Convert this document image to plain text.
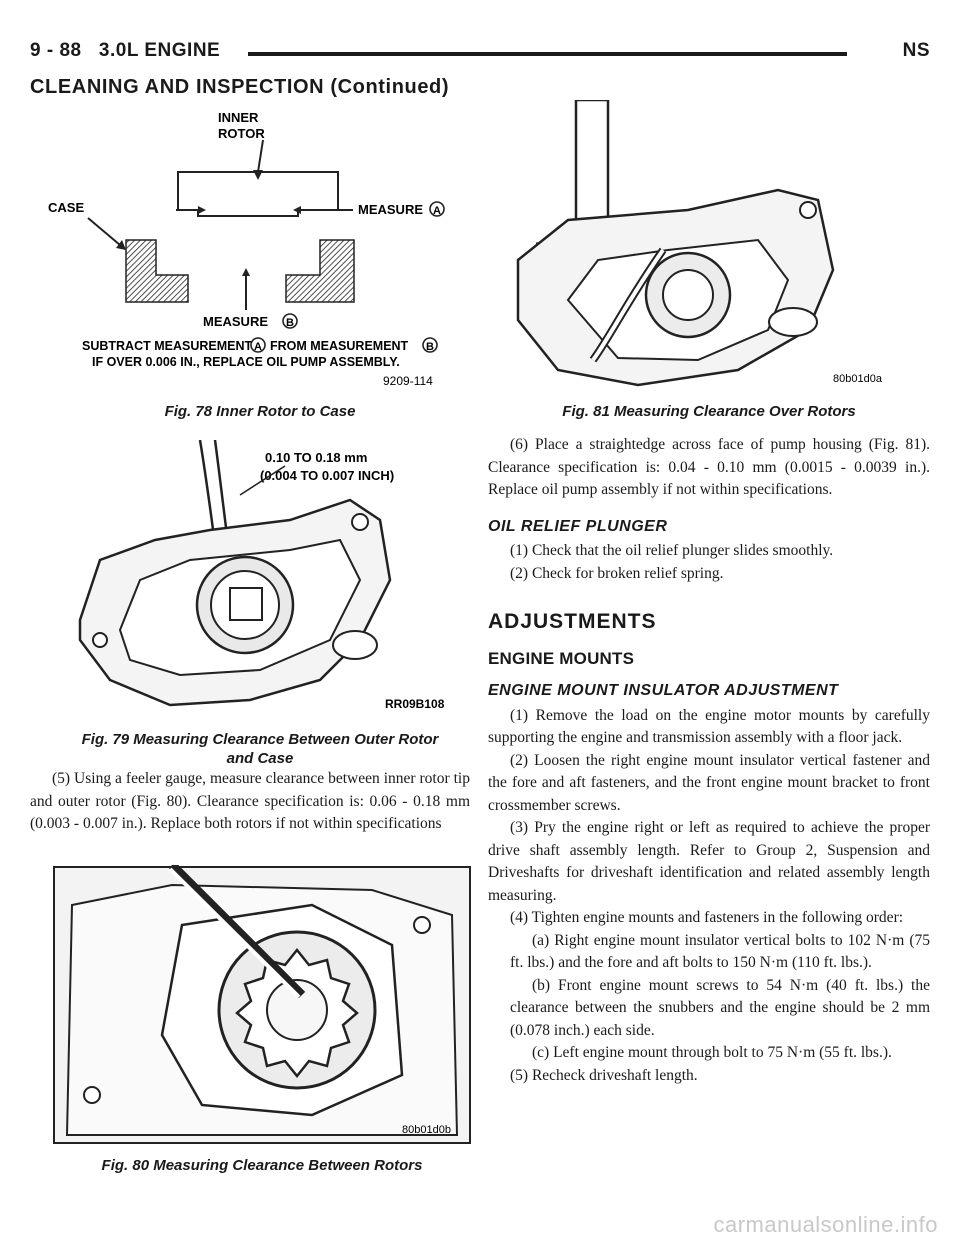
9 - 88   3.0L ENGINE	NS
CLEANING AND INSPECTION (Continued)
INNER
ROTOR
CASE	MEASURE A
MEASURE B
SUBTRACT MEASUREMENT A FROM MEASUREMENT B
IF OVER 0.006 IN., REPLACE OIL PUMP ASSEMBLY.
9209-114
Fig. 78 Inner Rotor to Case
0.10 TO 0.18 mm
(0.004 TO 0.007 INCH)
RR09B108
Fig. 79 Measuring Clearance Between Outer Rotor
and Case

(5) Using a feeler gauge, measure clearance between inner rotor tip and outer rotor (Fig. 80). Clearance specification is: 0.06 - 0.18 mm (0.003 - 0.007 in.). Replace both rotors if not within specifications

80b01d0b
Fig. 80 Measuring Clearance Between Rotors
80b01d0a
Fig. 81 Measuring Clearance Over Rotors

(6) Place a straightedge across face of pump housing (Fig. 81). Clearance specification is: 0.04 - 0.10 mm (0.0015 - 0.0039 in.). Replace oil pump assembly if not within specifications.

OIL RELIEF PLUNGER

(1) Check that the oil relief plunger slides smoothly.

(2) Check for broken relief spring.

ADJUSTMENTS
ENGINE MOUNTS
ENGINE MOUNT INSULATOR ADJUSTMENT

(1) Remove the load on the engine motor mounts by carefully supporting the engine and transmission assembly with a floor jack.

(2) Loosen the right engine mount insulator vertical fastener and the fore and aft fasteners, and the front engine mount bracket to front crossmember screws.

(3) Pry the engine right or left as required to achieve the proper drive shaft assembly length. Refer to Group 2, Suspension and Driveshafts for driveshaft identification and related assembly length measuring.

(4) Tighten engine mounts and fasteners in the following order:

(a) Right engine mount insulator vertical bolts to 102 N·m (75 ft. lbs.) and the fore and aft bolts to 150 N·m (110 ft. lbs.).

(b) Front engine mount screws to 54 N·m (40 ft. lbs.) the clearance between the snubbers and the engine should be 2 mm (0.078 inch.) each side.

(c) Left engine mount through bolt to 75 N·m (55 ft. lbs.).

(5) Recheck driveshaft length.

carmanualsonline.info
